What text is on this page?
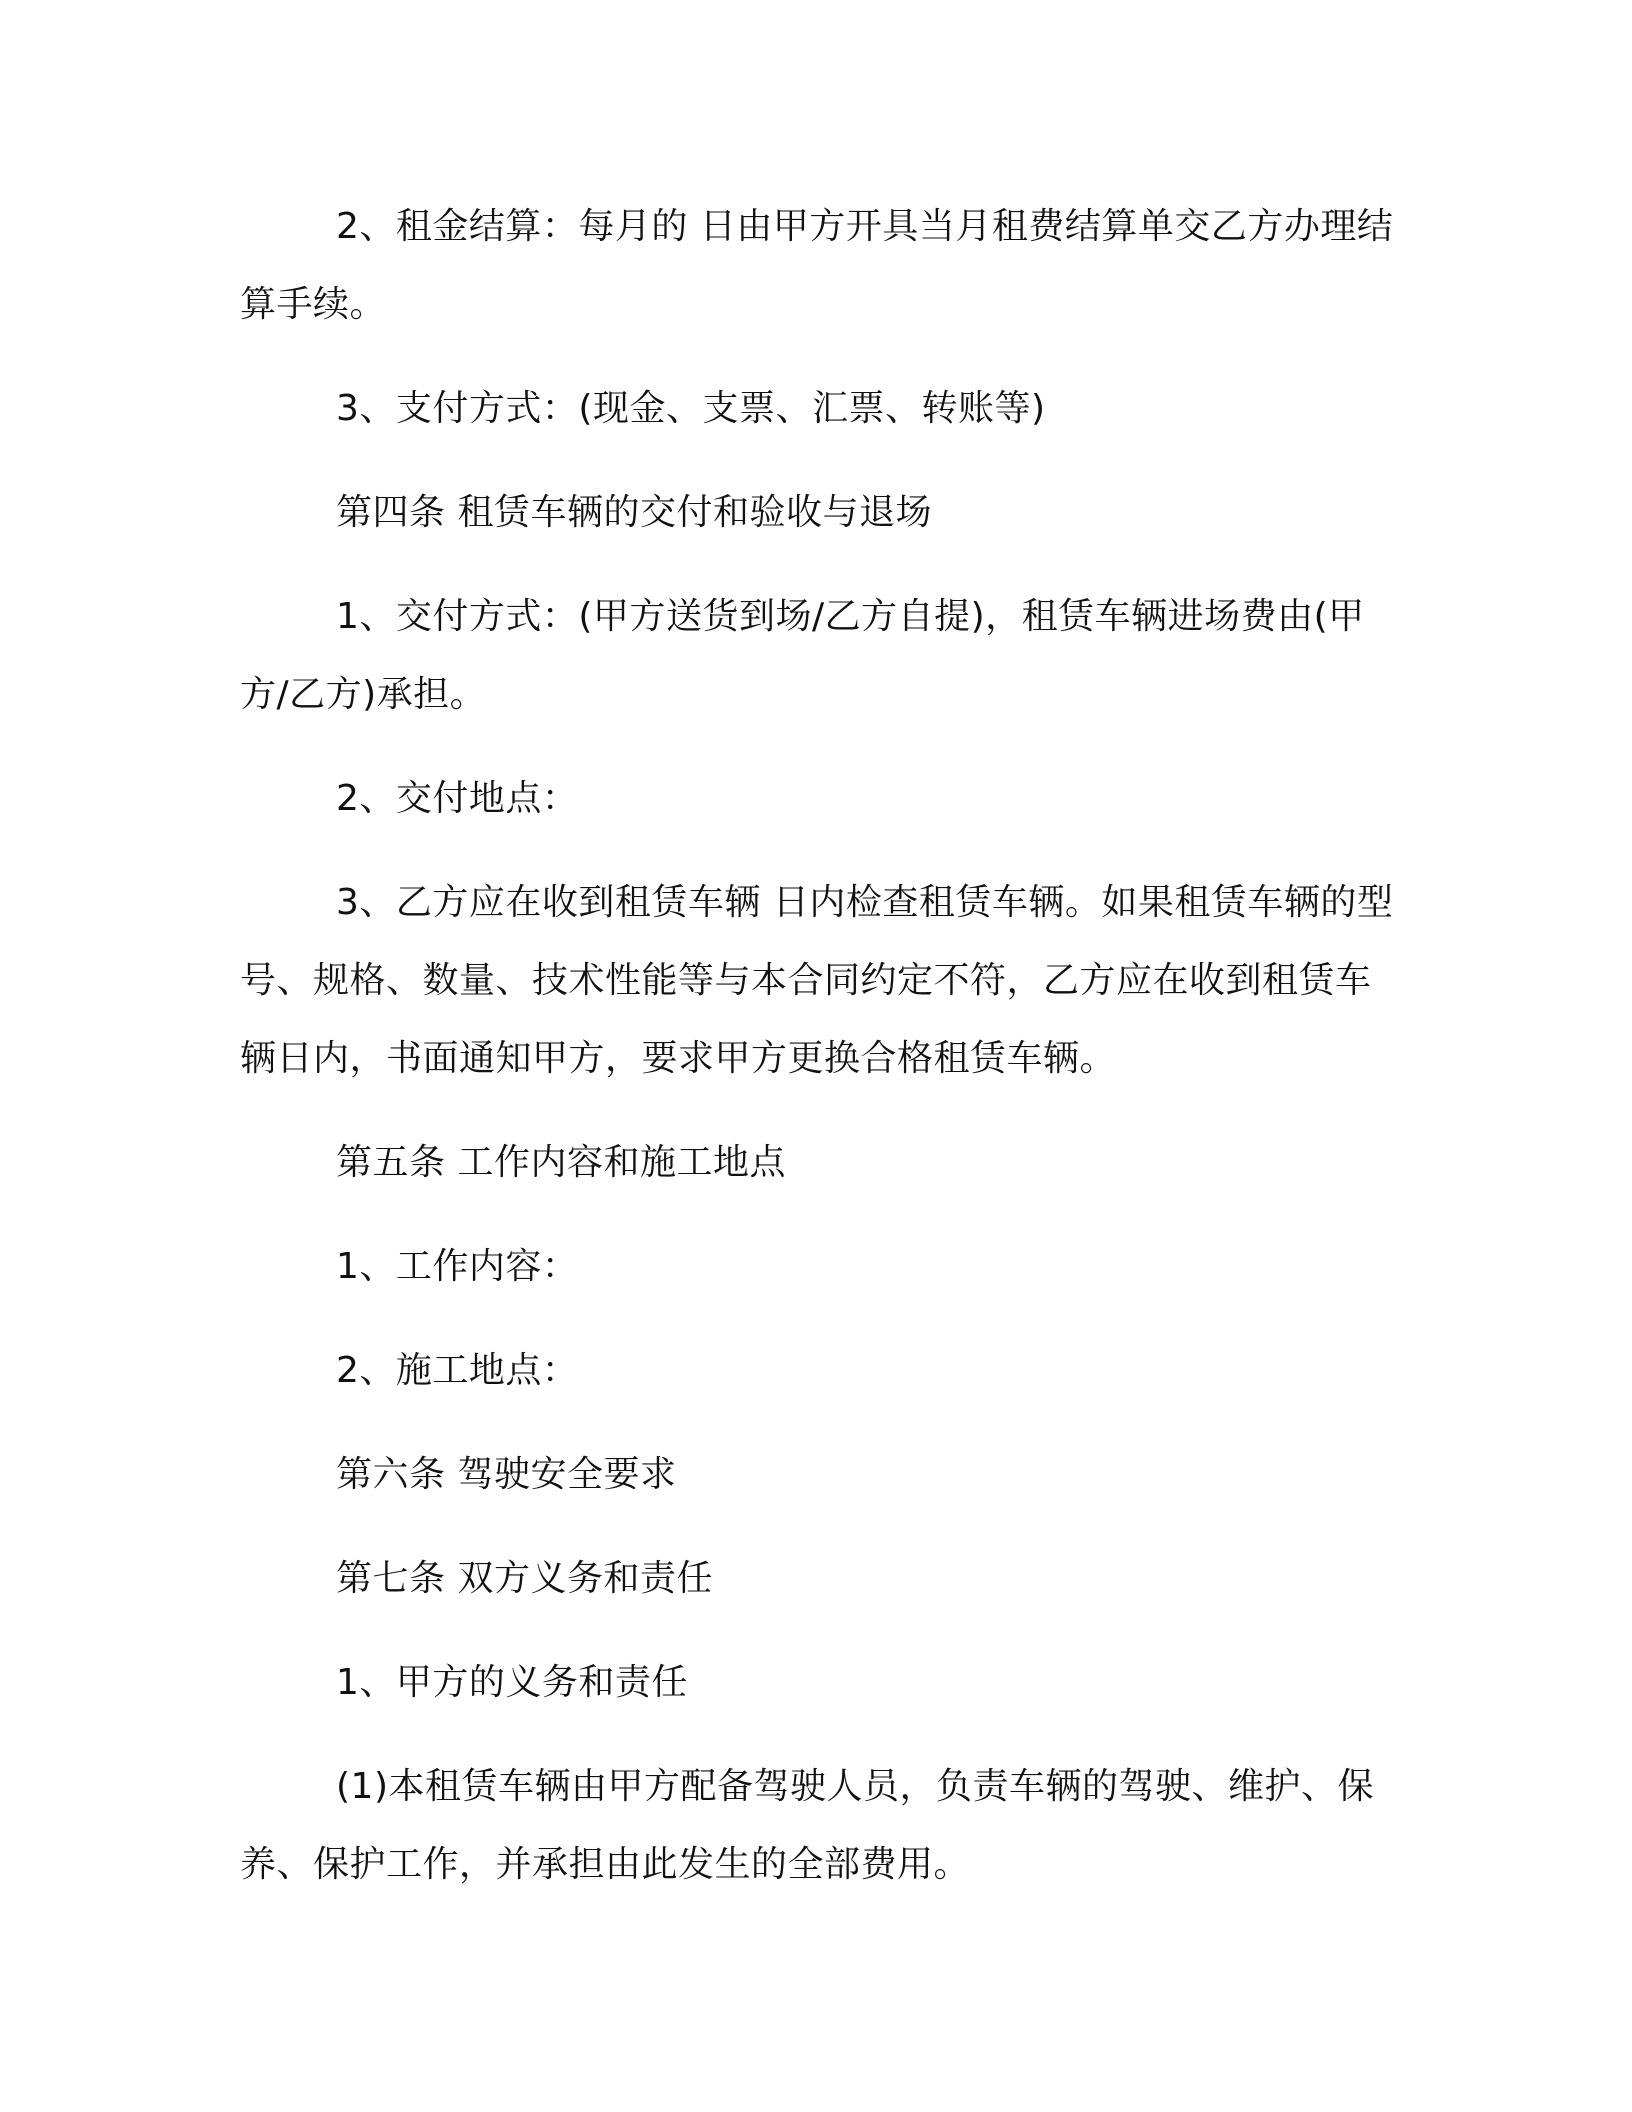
2、租金结算：每月的 日由甲方开具当月租费结算单交乙方办理结算手续。

3、支付方式：(现金、支票、汇票、转账等)

第四条 租赁车辆的交付和验收与退场

1、交付方式：(甲方送货到场/乙方自提)，租赁车辆进场费由(甲方/乙方)承担。

2、交付地点：

3、乙方应在收到租赁车辆 日内检查租赁车辆。如果租赁车辆的型号、规格、数量、技术性能等与本合同约定不符，乙方应在收到租赁车辆日内，书面通知甲方，要求甲方更换合格租赁车辆。

第五条 工作内容和施工地点

1、工作内容：

2、施工地点：

第六条 驾驶安全要求

第七条 双方义务和责任

1、甲方的义务和责任

(1)本租赁车辆由甲方配备驾驶人员，负责车辆的驾驶、维护、保养、保护工作，并承担由此发生的全部费用。
